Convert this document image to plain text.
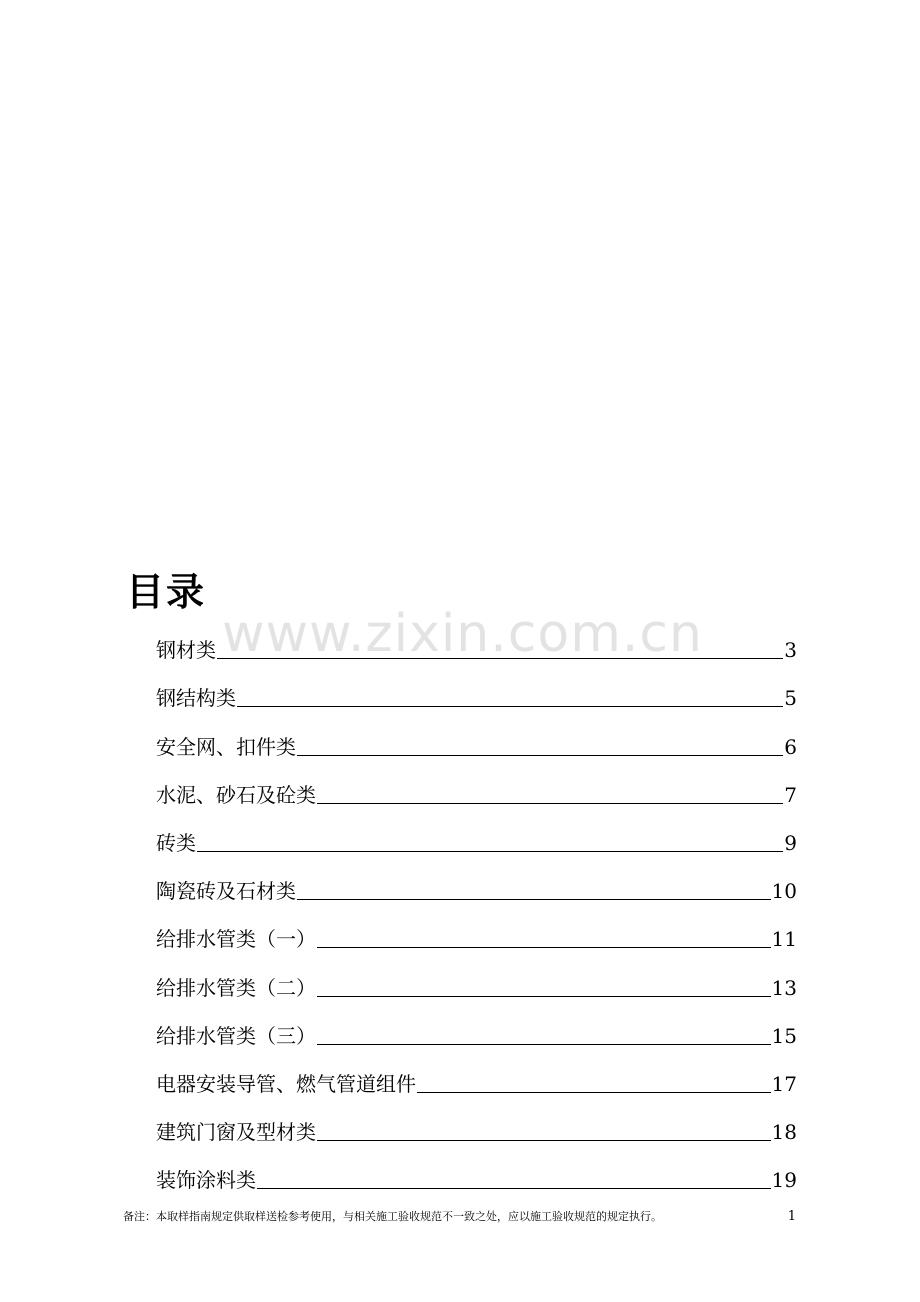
目录
www.zixin.com.cn
钢材类	3
钢结构类	5
安全网、扣件类	6
水泥、砂石及砼类	7
砖类	9
陶瓷砖及石材类	10
给排水管类（一）	11
给排水管类（二）	13
给排水管类（三）	15
电器安装导管、燃气管道组件	17
建筑门窗及型材类	18
装饰涂料类	19
备注：本取样指南规定供取样送检参考使用，与相关施工验收规范不一致之处，应以施工验收规范的规定执行。	1
